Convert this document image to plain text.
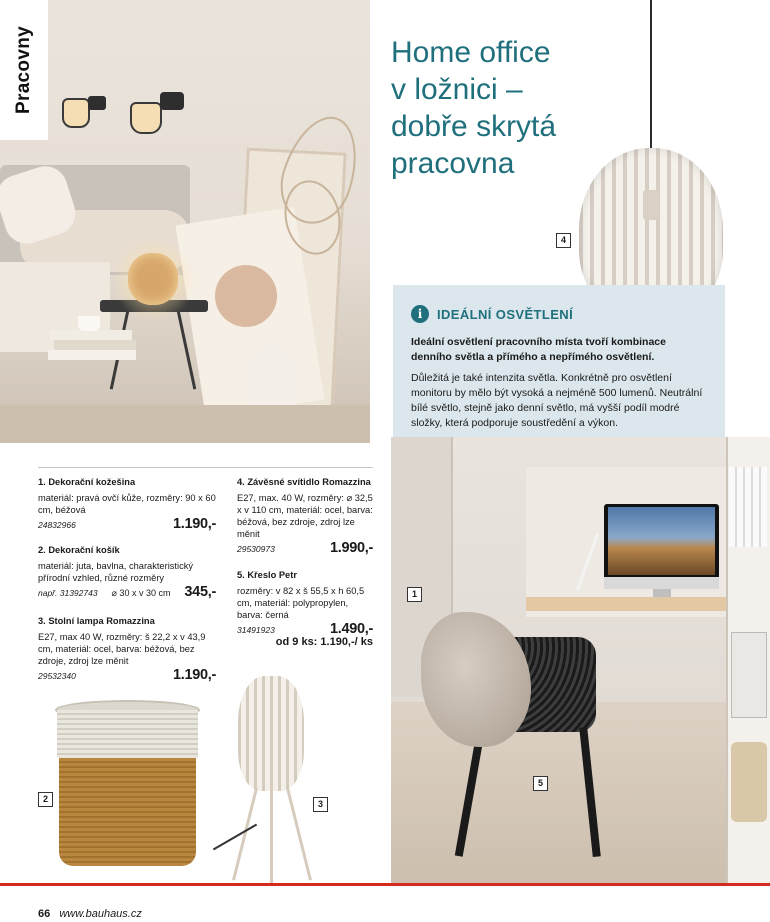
Pracovny	Home office
v ložnici –
dobře skrytá
pracovna
4
i	IDEÁLNÍ OSVĚTLENÍ
Ideální osvětlení pracovního místa tvoří kombinace denního světla a přímého a nepřímého osvětlení.
Důležitá je také intenzita světla. Konkrétně pro osvětlení monitoru by mělo být vysoká a nejméně 500 lumenů. Neutrální bílé světlo, stejně jako denní světlo, má vyšší podíl modré složky, která podporuje soustředění a výkon.
1. Dekorační kožešina
materiál: pravá ovčí kůže, rozměry: 90 x 60 cm, béžová
24832966	1.190,-
2. Dekorační košík
materiál: juta, bavlna, charakteristický přírodní vzhled, různé rozměry
např. 31392743 ⌀ 30 x v 30 cm 345,-
3. Stolní lampa Romazzina
E27, max 40 W, rozměry: š 22,2 x v 43,9 cm, materiál: ocel, barva: béžová, bez zdroje, zdroj lze měnit
29532340	1.190,-
4. Závěsné svítidlo Romazzina
E27, max. 40 W, rozměry: ⌀ 32,5 x v 110 cm, materiál: ocel, barva: béžová, bez zdroje, zdroj lze měnit
29530973	1.990,-
5. Křeslo Petr
rozměry: v 82 x š 55,5 x h 60,5 cm, materiál: polypropylen, barva: černá
31491923	1.490,-
od 9 ks: 1.190,-/ ks
2	3
1
5
66 www.bauhaus.cz
